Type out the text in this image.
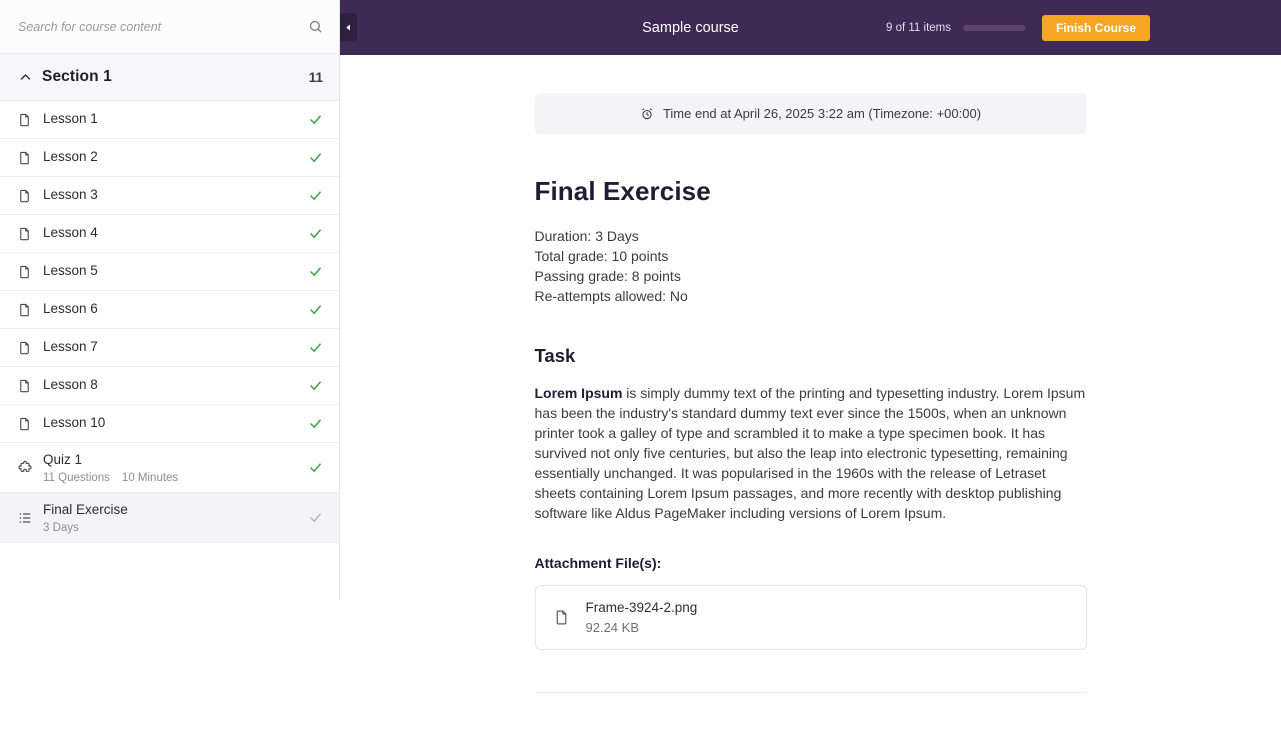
Search for course content
Section 1	11
Lesson 1
Lesson 2
Lesson 3
Lesson 4
Lesson 5
Lesson 6
Lesson 7
Lesson 8
Lesson 10
Quiz 1
11 Questions 10 Minutes
Final Exercise
3 Days
Sample course	9 of 11 items	Finish Course
Time end at April 26, 2025 3:22 am (Timezone: +00:00)
Final Exercise
Duration: 3 Days
Total grade: 10 points
Passing grade: 8 points
Re-attempts allowed: No
Task

Lorem Ipsum is simply dummy text of the printing and typesetting industry. Lorem Ipsum has been the industry's standard dummy text ever since the 1500s, when an unknown printer took a galley of type and scrambled it to make a type specimen book. It has survived not only five centuries, but also the leap into electronic typesetting, remaining essentially unchanged. It was popularised in the 1960s with the release of Letraset sheets containing Lorem Ipsum passages, and more recently with desktop publishing software like Aldus PageMaker including versions of Lorem Ipsum.

Attachment File(s):
Frame-3924-2.png
92.24 KB
